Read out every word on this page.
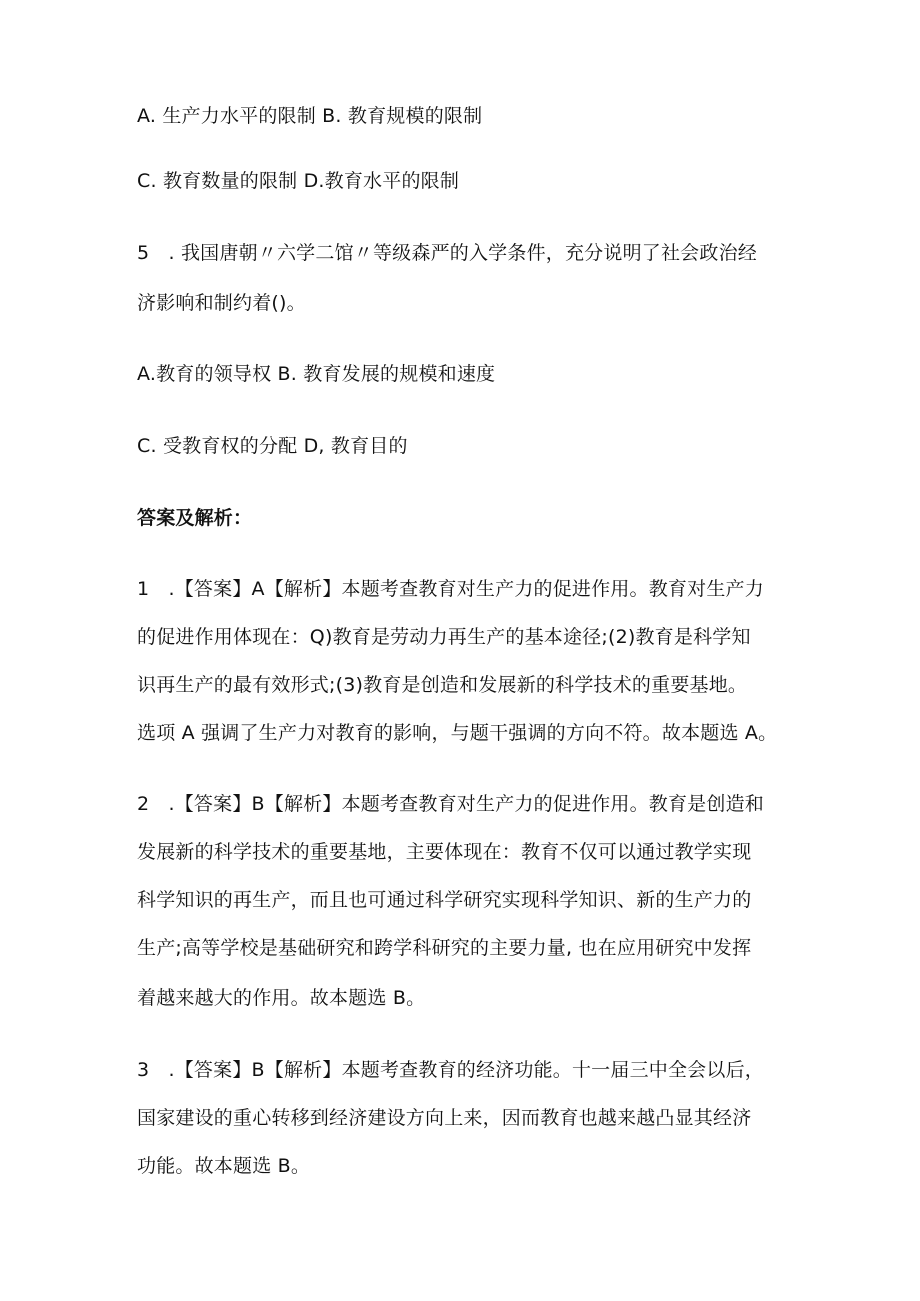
A. 生产力水平的限制 B. 教育规模的限制
C. 教育数量的限制 D.教育水平的限制
5　. 我国唐朝〃六学二馆〃等级森严的入学条件，充分说明了社会政治经
济影响和制约着()。
A.教育的领导权 B. 教育发展的规模和速度
C. 受教育权的分配 D, 教育目的
答案及解析：
1　.【答案】A【解析】本题考查教育对生产力的促进作用。教育对生产力
的促进作用体现在：Q)教育是劳动力再生产的基本途径;(2)教育是科学知
识再生产的最有效形式;(3)教育是创造和发展新的科学技术的重要基地。
选项 A 强调了生产力对教育的影响，与题干强调的方向不符。故本题选 A。
2　.【答案】B【解析】本题考查教育对生产力的促进作用。教育是创造和
发展新的科学技术的重要基地，主要体现在：教育不仅可以通过教学实现
科学知识的再生产，而且也可通过科学研究实现科学知识、新的生产力的
生产;高等学校是基础研究和跨学科研究的主要力量, 也在应用研究中发挥
着越来越大的作用。故本题选 B。
3　.【答案】B【解析】本题考查教育的经济功能。十一届三中全会以后，
国家建设的重心转移到经济建设方向上来，因而教育也越来越凸显其经济
功能。故本题选 B。
